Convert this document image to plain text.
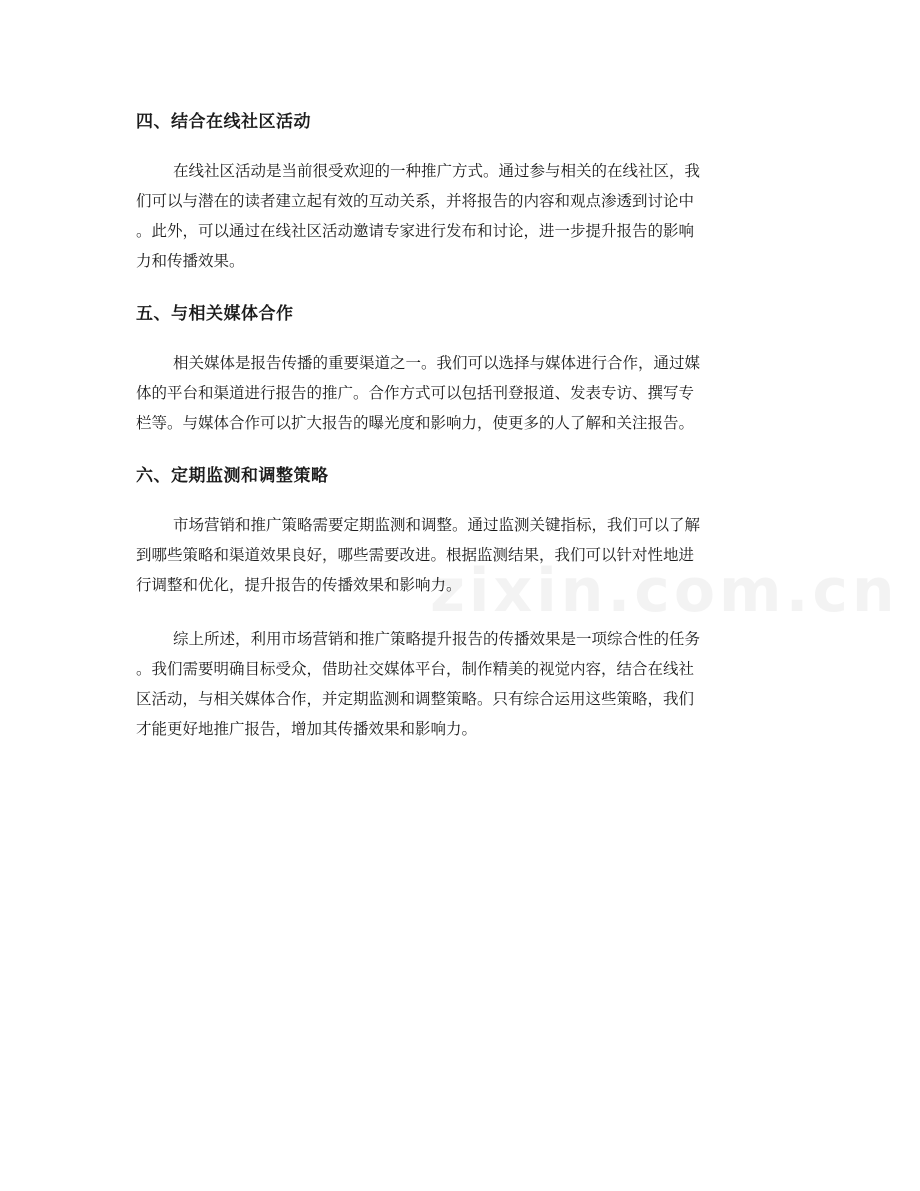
zixin.com.cn
四、结合在线社区活动
在线社区活动是当前很受欢迎的一种推广方式。通过参与相关的在线社区，我
们可以与潜在的读者建立起有效的互动关系，并将报告的内容和观点渗透到讨论中
。此外，可以通过在线社区活动邀请专家进行发布和讨论，进一步提升报告的影响
力和传播效果。
五、与相关媒体合作
相关媒体是报告传播的重要渠道之一。我们可以选择与媒体进行合作，通过媒
体的平台和渠道进行报告的推广。合作方式可以包括刊登报道、发表专访、撰写专
栏等。与媒体合作可以扩大报告的曝光度和影响力，使更多的人了解和关注报告。
六、定期监测和调整策略
市场营销和推广策略需要定期监测和调整。通过监测关键指标，我们可以了解
到哪些策略和渠道效果良好，哪些需要改进。根据监测结果，我们可以针对性地进
行调整和优化，提升报告的传播效果和影响力。
综上所述，利用市场营销和推广策略提升报告的传播效果是一项综合性的任务
。我们需要明确目标受众，借助社交媒体平台，制作精美的视觉内容，结合在线社
区活动，与相关媒体合作，并定期监测和调整策略。只有综合运用这些策略，我们
才能更好地推广报告，增加其传播效果和影响力。
